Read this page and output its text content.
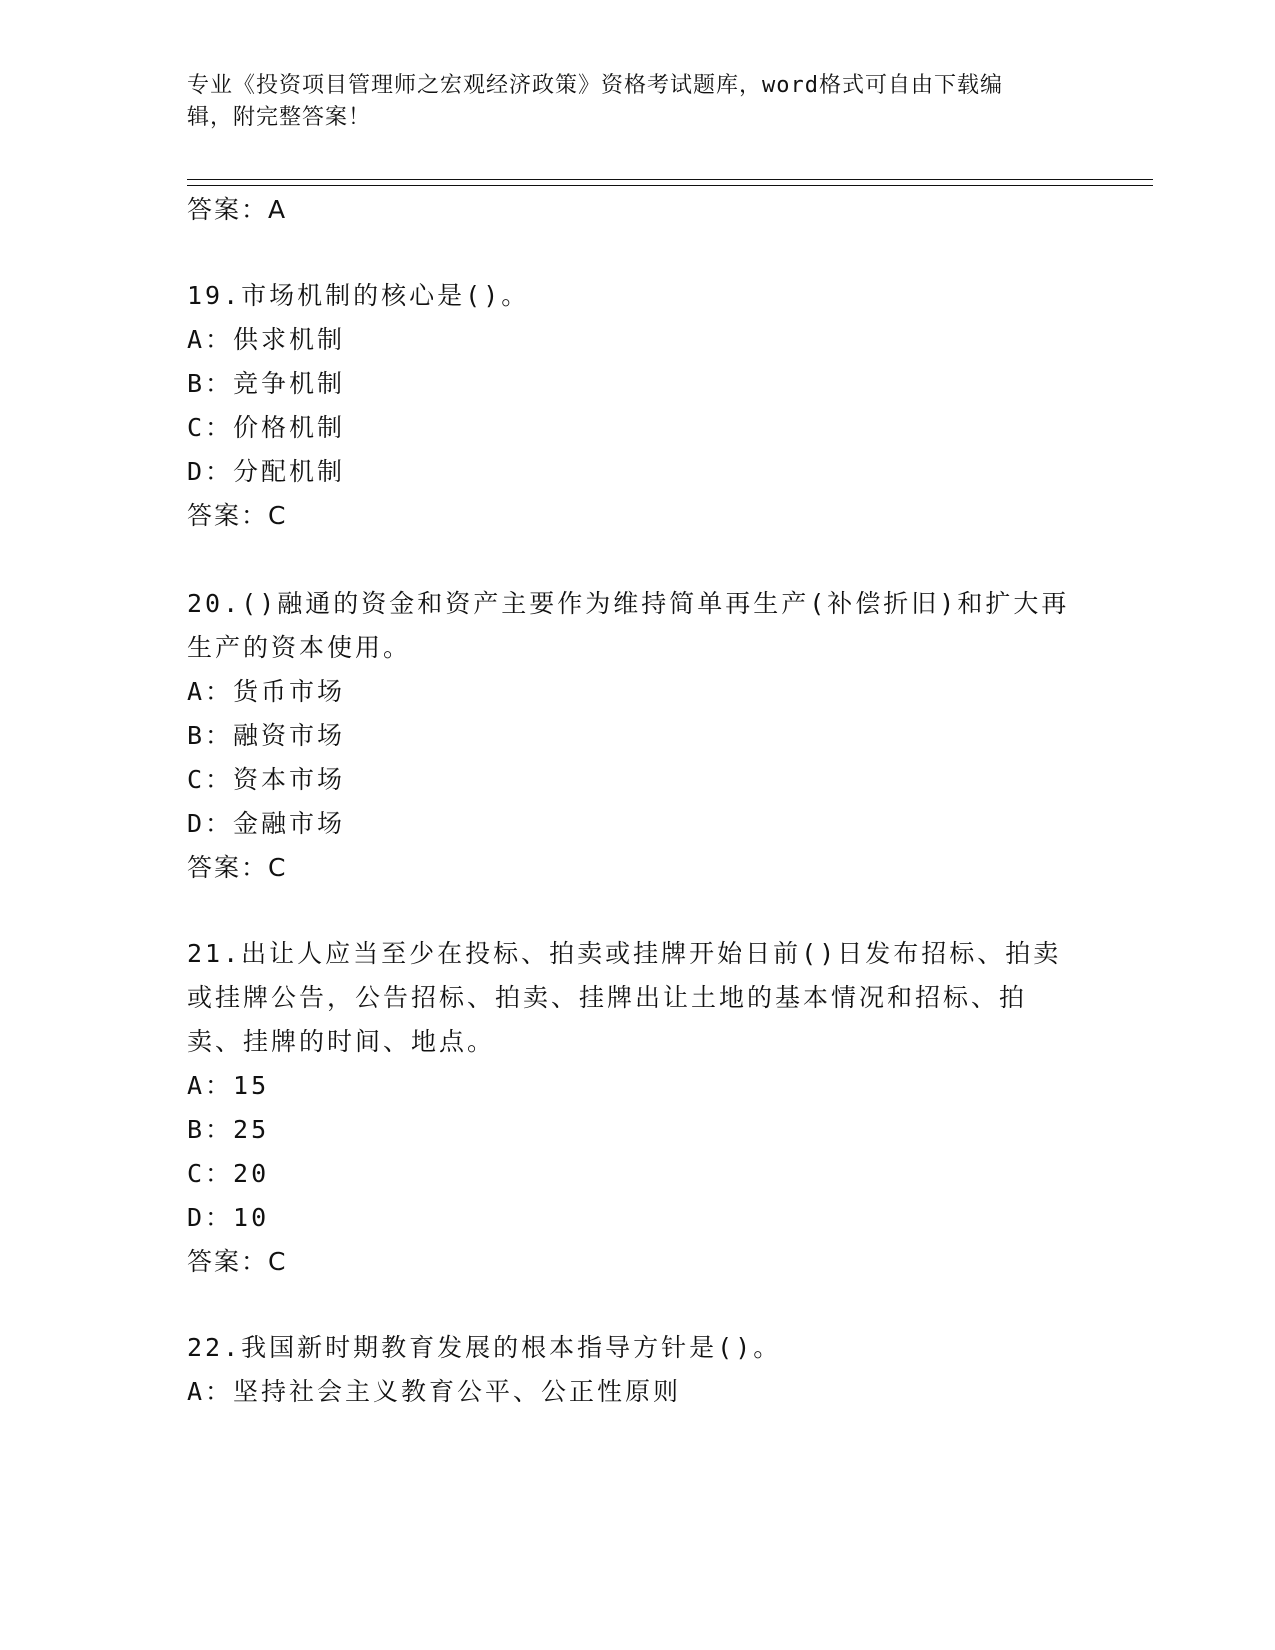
专业《投资项目管理师之宏观经济政策》资格考试题库，word格式可自由下载编
辑，附完整答案！
答案：A
19.市场机制的核心是()。
A：供求机制
B：竞争机制
C：价格机制
D：分配机制
答案：C
20.()融通的资金和资产主要作为维持简单再生产(补偿折旧)和扩大再
生产的资本使用。
A：货币市场
B：融资市场
C：资本市场
D：金融市场
答案：C
21.出让人应当至少在投标、拍卖或挂牌开始日前()日发布招标、拍卖
或挂牌公告，公告招标、拍卖、挂牌出让土地的基本情况和招标、拍
卖、挂牌的时间、地点。
A：15
B：25
C：20
D：10
答案：C
22.我国新时期教育发展的根本指导方针是()。
A：坚持社会主义教育公平、公正性原则
